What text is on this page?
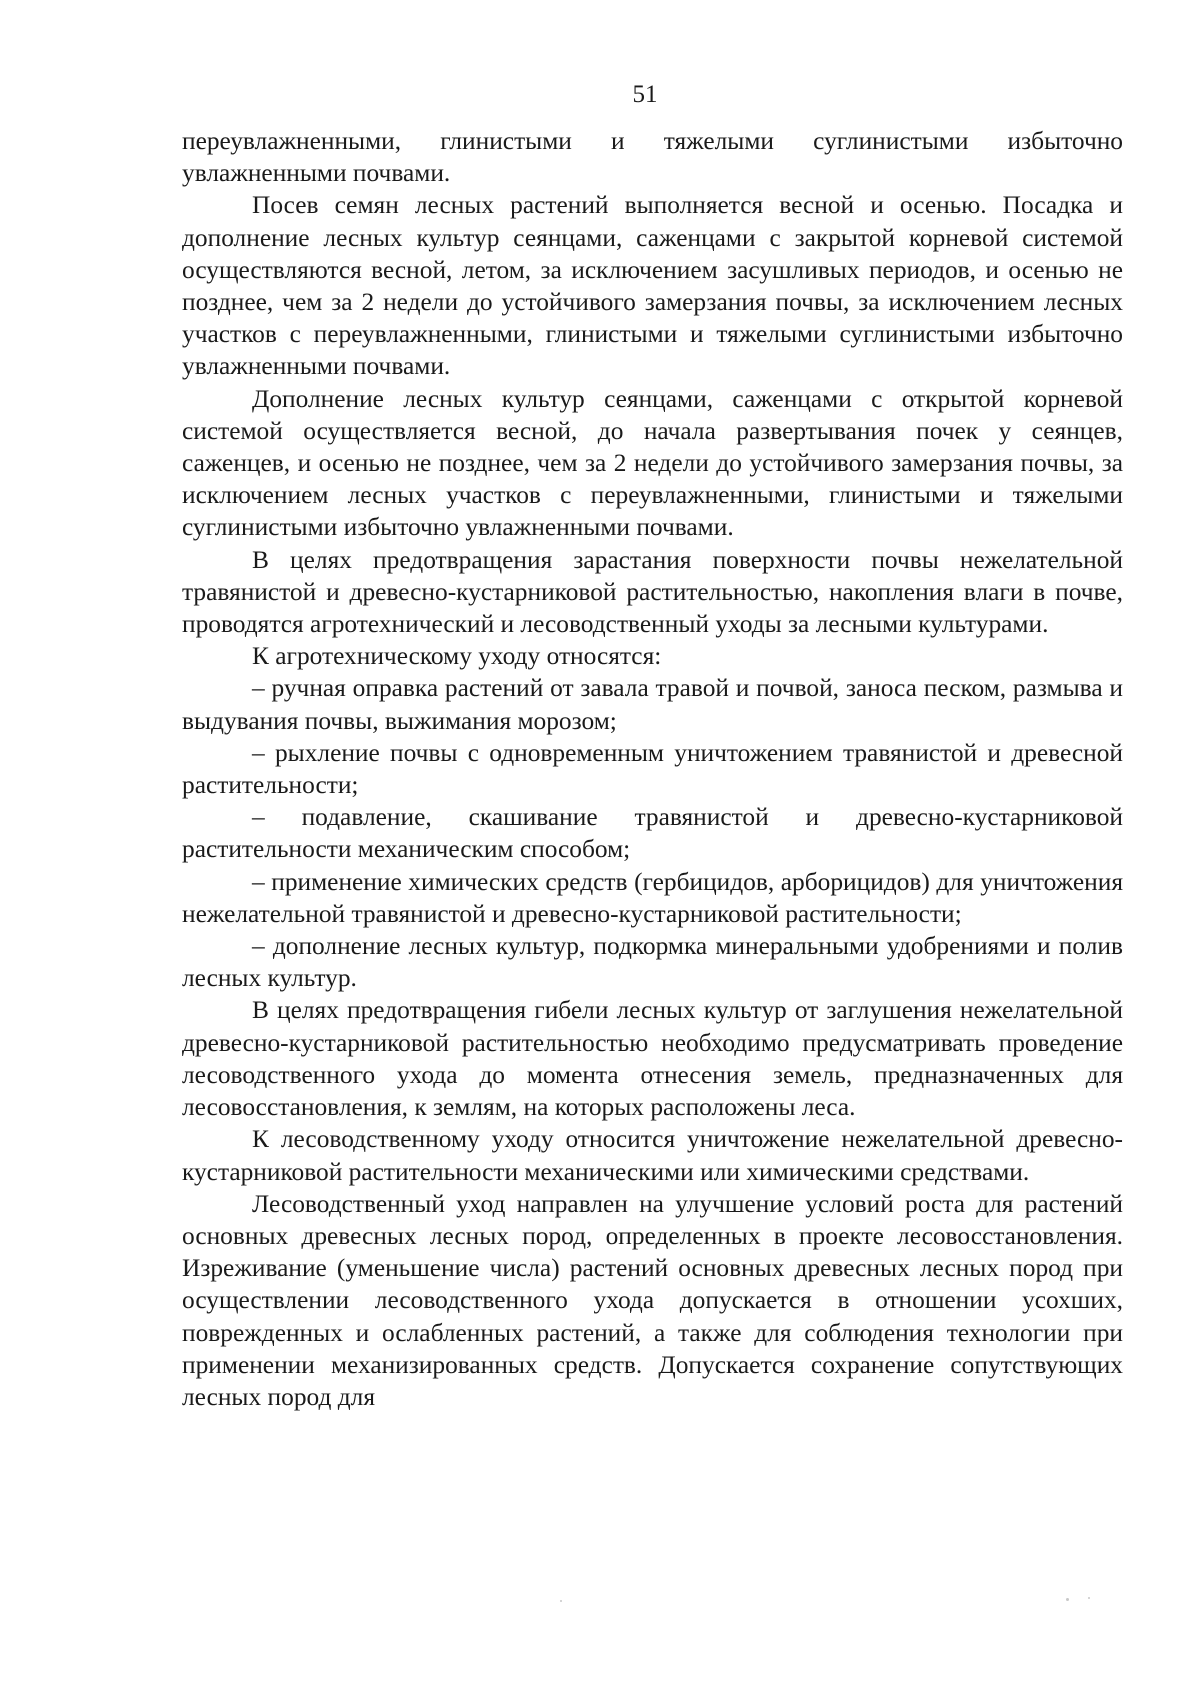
51

переувлажненными, глинистыми и тяжелыми суглинистыми избыточно увлажненными почвами.

Посев семян лесных растений выполняется весной и осенью. Посадка и дополнение лесных культур сеянцами, саженцами с закрытой корневой системой осуществляются весной, летом, за исключением засушливых периодов, и осенью не позднее, чем за 2 недели до устойчивого замерзания почвы, за исключением лесных участков с переувлажненными, глинистыми и тяжелыми суглинистыми избыточно увлажненными почвами.

Дополнение лесных культур сеянцами, саженцами с открытой корневой системой осуществляется весной, до начала развертывания почек у сеянцев, саженцев, и осенью не позднее, чем за 2 недели до устойчивого замерзания почвы, за исключением лесных участков с переувлажненными, глинистыми и тяжелыми суглинистыми избыточно увлажненными почвами.

В целях предотвращения зарастания поверхности почвы нежелательной травянистой и древесно-кустарниковой растительностью, накопления влаги в почве, проводятся агротехнический и лесоводственный уходы за лесными культурами.

К агротехническому уходу относятся:

– ручная оправка растений от завала травой и почвой, заноса песком, размыва и выдувания почвы, выжимания морозом;

– рыхление почвы с одновременным уничтожением травянистой и древесной растительности;

– подавление, скашивание травянистой и древесно-кустарниковой растительности механическим способом;

– применение химических средств (гербицидов, арборицидов) для уничтожения нежелательной травянистой и древесно-кустарниковой растительности;

– дополнение лесных культур, подкормка минеральными удобрениями и полив лесных культур.

В целях предотвращения гибели лесных культур от заглушения нежелательной древесно-кустарниковой растительностью необходимо предусматривать проведение лесоводственного ухода до момента отнесения земель, предназначенных для лесовосстановления, к землям, на которых расположены леса.

К лесоводственному уходу относится уничтожение нежелательной древесно-кустарниковой растительности механическими или химическими средствами.

Лесоводственный уход направлен на улучшение условий роста для растений основных древесных лесных пород, определенных в проекте лесовосстановления. Изреживание (уменьшение числа) растений основных древесных лесных пород при осуществлении лесоводственного ухода допускается в отношении усохших, поврежденных и ослабленных растений, а также для соблюдения технологии при применении механизированных средств. Допускается сохранение сопутствующих лесных пород для
